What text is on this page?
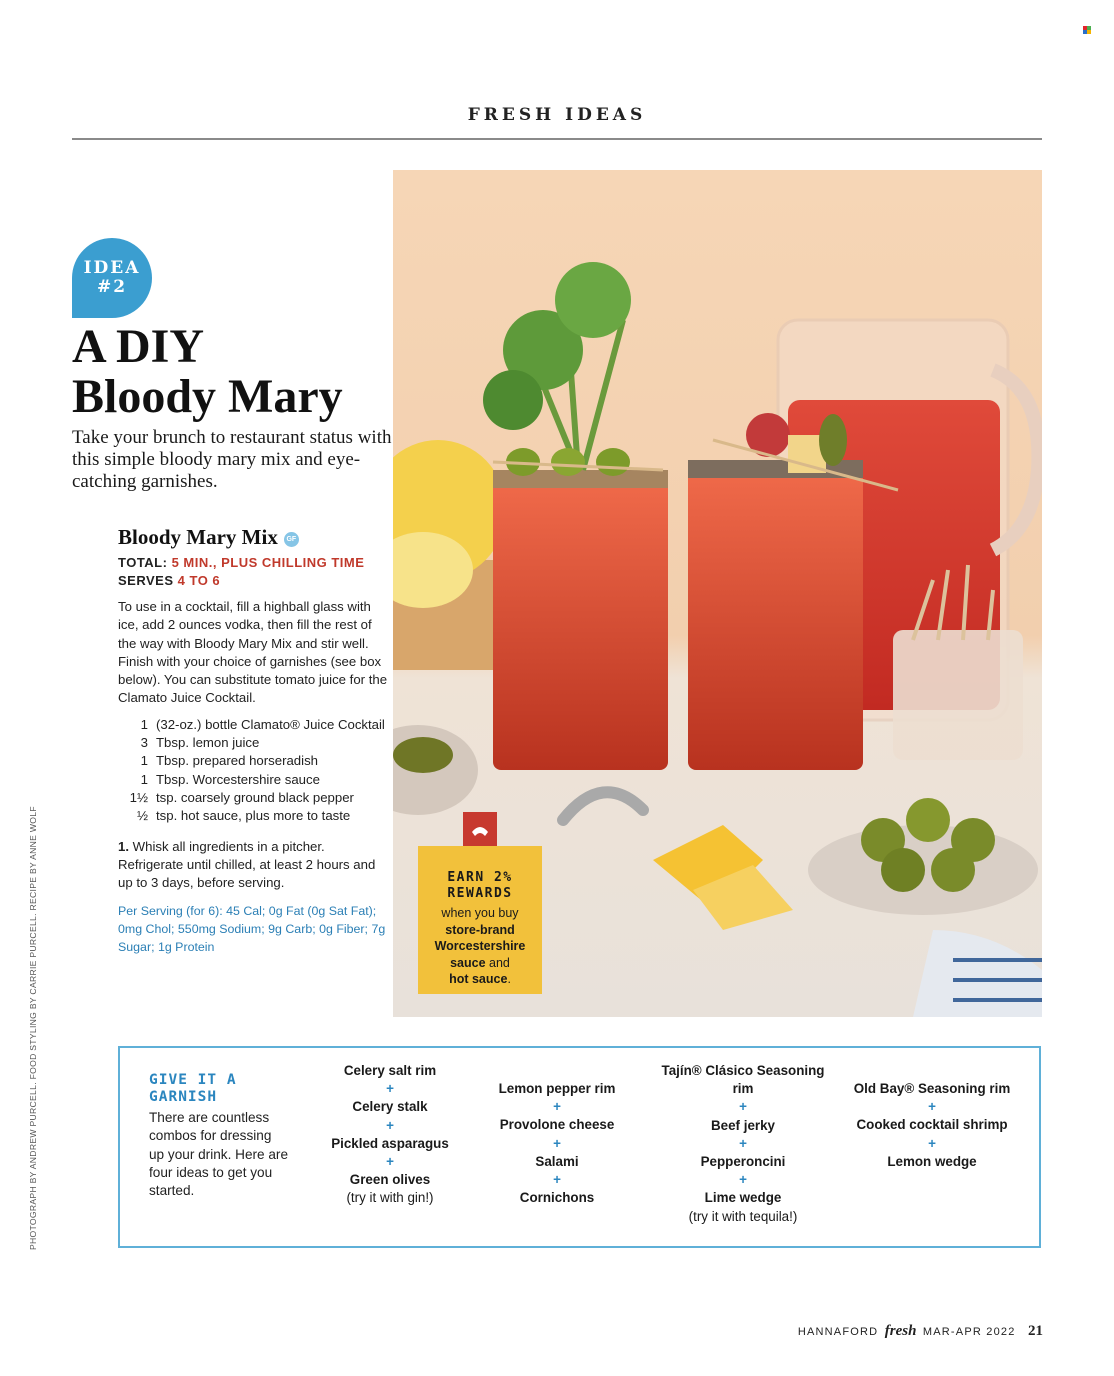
FRESH IDEAS
IDEA
#2
A DIY
Bloody Mary
Take your brunch to restaurant status with this simple bloody mary mix and eye-catching garnishes.
Bloody Mary Mix GF
TOTAL: 5 MIN., PLUS CHILLING TIME
SERVES 4 TO 6
To use in a cocktail, fill a highball glass with ice, add 2 ounces vodka, then fill the rest of the way with Bloody Mary Mix and stir well. Finish with your choice of garnishes (see box below). You can substitute tomato juice for the Clamato Juice Cocktail.
1	(32-oz.) bottle Clamato® Juice Cocktail
3	Tbsp. lemon juice
1	Tbsp. prepared horseradish
1	Tbsp. Worcestershire sauce
1½	tsp. coarsely ground black pepper
½	tsp. hot sauce, plus more to taste
1. Whisk all ingredients in a pitcher. Refrigerate until chilled, at least 2 hours and up to 3 days, before serving.
Per Serving (for 6): 45 Cal; 0g Fat (0g Sat Fat); 0mg Chol; 550mg Sodium; 9g Carb; 0g Fiber; 7g Sugar; 1g Protein
PHOTOGRAPH BY ANDREW PURCELL. FOOD STYLING BY CARRIE PURCELL. RECIPE BY ANNE WOLF	EARN 2%
REWARDS
when you buy
store-brand
Worcestershire
sauce and
hot sauce.
GIVE IT A GARNISH
There are countless combos for dressing up your drink. Here are four ideas to get you started.
Celery salt rim
+
Celery stalk
+
Pickled asparagus
+
Green olives
(try it with gin!)
Lemon pepper rim
+
Provolone cheese
+
Salami
+
Cornichons
Tajín® Clásico Seasoning rim
+
Beef jerky
+
Pepperoncini
+
Lime wedge
(try it with tequila!)
Old Bay® Seasoning rim
+
Cooked cocktail shrimp
+
Lemon wedge
HANNAFORD fresh MAR-APR 2022 21
